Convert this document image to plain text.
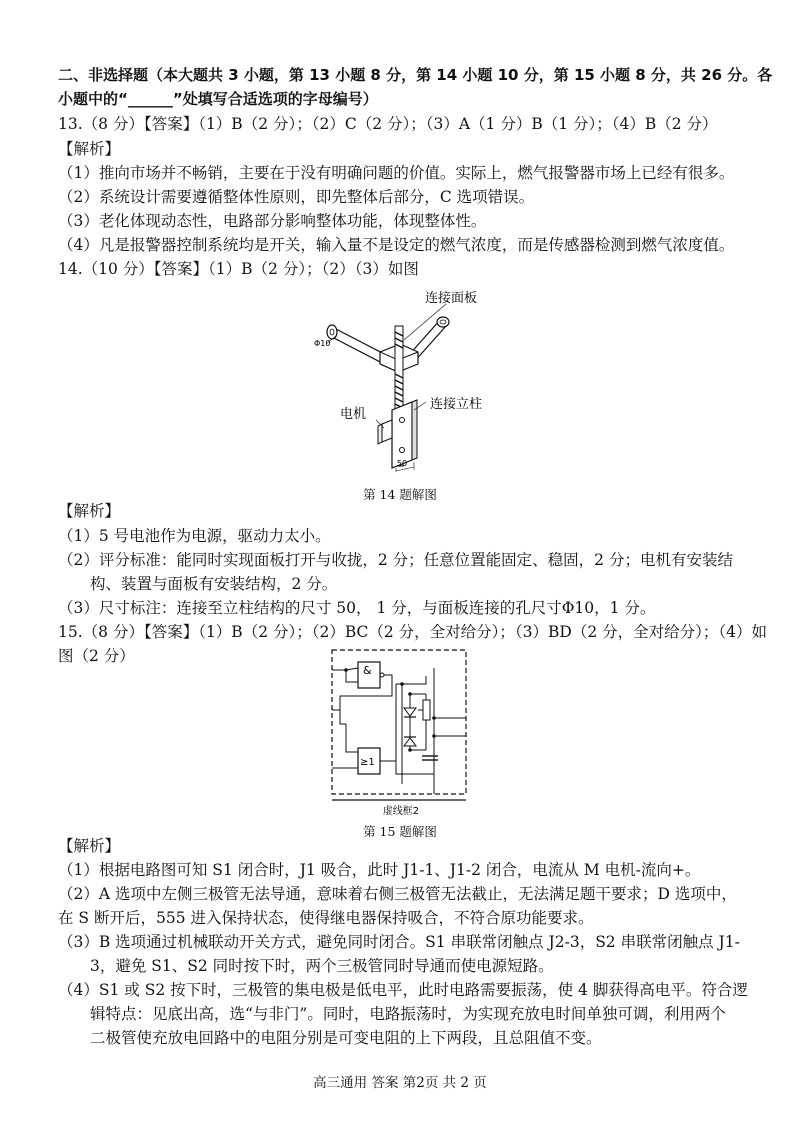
二、非选择题（本大题共 3 小题，第 13 小题 8 分，第 14 小题 10 分，第 15 小题 8 分，共 26 分。各
小题中的“______”处填写合适选项的字母编号）
13.（8 分）【答案】（1）B（2 分）；（2）C（2 分）；（3）A（1 分）B（1 分）；（4）B（2 分）
【解析】
（1）推向市场并不畅销，主要在于没有明确问题的价值。实际上，燃气报警器市场上已经有很多。
（2）系统设计需要遵循整体性原则，即先整体后部分，C 选项错误。
（3）老化体现动态性，电路部分影响整体功能，体现整体性。
（4）凡是报警器控制系统均是开关，输入量不是设定的燃气浓度，而是传感器检测到燃气浓度值。
14.（10 分）【答案】（1）B（2 分）；（2）（3）如图
50
连接面板
Φ10
电机
连接立柱
第 14 题解图
【解析】
（1）5 号电池作为电源，驱动力太小。
（2）评分标准：能同时实现面板打开与收拢，2 分；任意位置能固定、稳固，2 分；电机有安装结
构、装置与面板有安装结构，2 分。
（3）尺寸标注：连接至立柱结构的尺寸 50， 1 分，与面板连接的孔尺寸Φ10，1 分。
15.（8 分）【答案】（1）B（2 分）；（2）BC（2 分，全对给分）；（3）BD（2 分，全对给分）；（4）如
图（2 分）
&
≥1
虚线框2
第 15 题解图
【解析】
（1）根据电路图可知 S1 闭合时，J1 吸合，此时 J1-1、J1-2 闭合，电流从 M 电机-流向+。
（2）A 选项中左侧三极管无法导通，意味着右侧三极管无法截止，无法满足题干要求；D 选项中，
在 S 断开后，555 进入保持状态，使得继电器保持吸合，不符合原功能要求。
（3）B 选项通过机械联动开关方式，避免同时闭合。S1 串联常闭触点 J2-3，S2 串联常闭触点 J1-
3，避免 S1、S2 同时按下时，两个三极管同时导通而使电源短路。
（4）S1 或 S2 按下时，三极管的集电极是低电平，此时电路需要振荡，使 4 脚获得高电平。符合逻
辑特点：见底出高，选“与非门”。同时，电路振荡时，为实现充放电时间单独可调，利用两个
二极管使充放电回路中的电阻分别是可变电阻的上下两段，且总阻值不变。
高三通用 答案 第2页 共 2 页
